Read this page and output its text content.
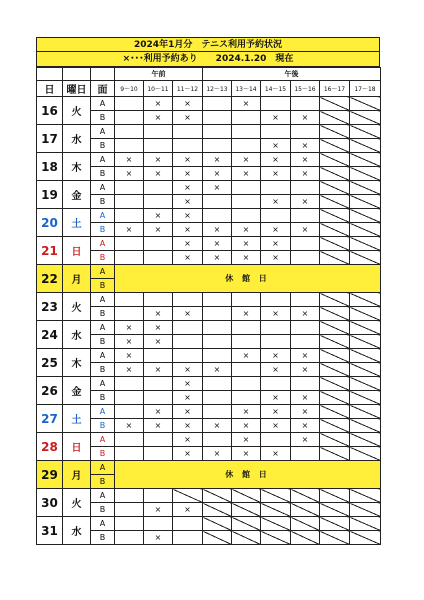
2024年1月分　テニス利用予約状況
×･･･利用予約あり　　2024.1.20　現在
			午前			午後					
日	曜日	面	9～10	10～11	11～12	12～13	13～14	14～15	15～16	16～17	17～18
16	火	A		×	×		×				
		B		×	×			×	×		
17	水	A									
		B						×	×		
18	木	A	×	×	×	×	×	×	×		
		B	×	×	×	×	×	×	×		
19	金	A			×	×					
		B			×			×	×		
20	土	A		×	×						
		B	×	×	×	×	×	×	×		
21	日	A			×	×	×	×			
		B			×	×	×	×			
22	月	A	休 館 日								
		B									
23	火	A									
		B		×	×		×	×	×		
24	水	A	×	×							
		B	×	×							
25	木	A	×				×	×	×		
		B	×	×	×	×		×	×		
26	金	A			×						
		B			×			×	×		
27	土	A		×	×		×	×	×		
		B	×	×	×	×	×	×	×		
28	日	A			×		×		×		
		B			×	×	×	×			
29	月	A	休 館 日								
		B									
30	火	A									
		B		×	×						
31	水	A									
		B		×							
